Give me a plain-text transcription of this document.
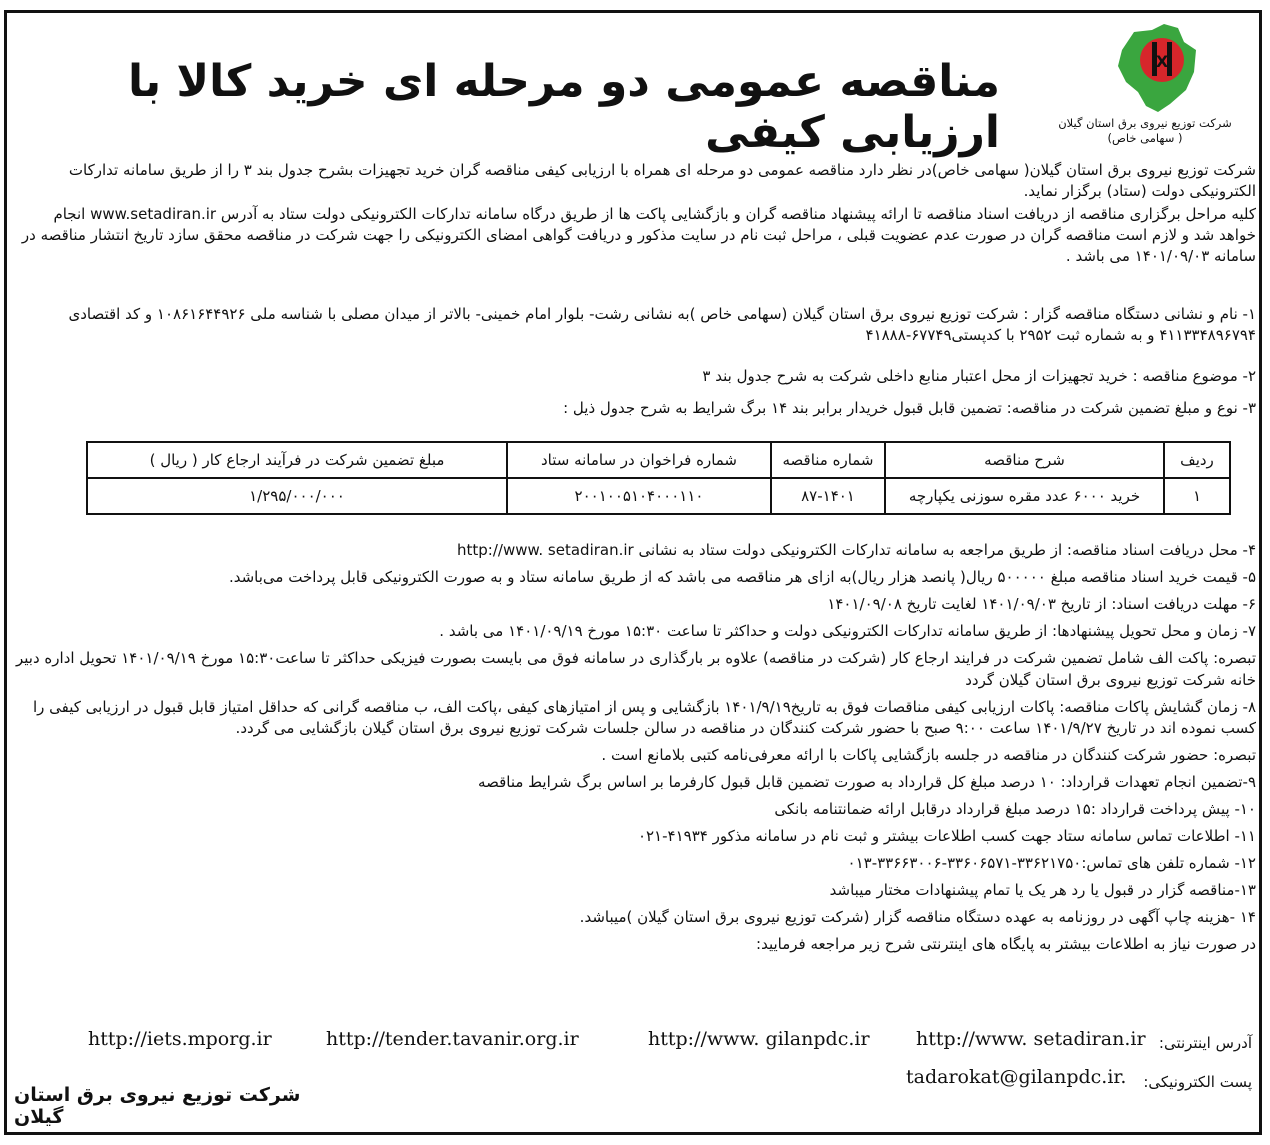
X
شرکت توزیع نیروی برق استان گیلان
( سهامی خاص)
مناقصه عمومی دو مرحله ای خرید کالا با ارزیابی کیفی
شرکت توزیع نیروی برق استان گیلان( سهامی خاص)در نظر دارد مناقصه عمومی دو مرحله ای همراه با ارزیابی کیفی مناقصه گران خرید تجهیزات بشرح جدول بند ۳ را از طریق سامانه تدارکات الکترونیکی دولت (ستاد) برگزار نماید.
کلیه مراحل برگزاری مناقصه از دریافت اسناد مناقصه تا ارائه پیشنهاد مناقصه گران و بازگشایی پاکت ها از طریق درگاه سامانه تدارکات الکترونیکی دولت ستاد به آدرس www.setadiran.ir انجام خواهد شد و لازم است مناقصه گران در صورت عدم عضویت قبلی ، مراحل ثبت نام در سایت مذکور و دریافت گواهی امضای الکترونیکی را جهت شرکت در مناقصه محقق سازد تاریخ انتشار مناقصه در سامانه ۱۴۰۱/۰۹/۰۳ می باشد .
۱- نام و نشانی دستگاه مناقصه گزار : شرکت توزیع نیروی برق استان گیلان (سهامی خاص )به نشانی رشت- بلوار امام خمینی- بالاتر از میدان مصلی با شناسه ملی ۱۰۸۶۱۶۴۴۹۲۶ و کد اقتصادی ۴۱۱۳۳۴۸۹۶۷۹۴ و به شماره ثبت ۲۹۵۲ با کدپستی۶۷۷۴۹-۴۱۸۸۸
۲- موضوع مناقصه : خرید تجهیزات از محل اعتبار منابع داخلی شرکت به شرح جدول بند ۳
۳- نوع و مبلغ تضمین شرکت در مناقصه: تضمین قابل قبول خریدار برابر بند ۱۴ برگ شرایط به شرح جدول ذیل :
ردیف	شرح مناقصه	شماره مناقصه	شماره فراخوان در سامانه ستاد	مبلغ تضمین شرکت در فرآیند ارجاع کار ( ریال )
۱	خرید ۶۰۰۰ عدد مقره سوزنی یکپارچه	۸۷-۱۴۰۱	۲۰۰۱۰۰۵۱۰۴۰۰۰۱۱۰	۱/۲۹۵/۰۰۰/۰۰۰
۴- محل دریافت اسناد مناقصه: از طریق مراجعه به سامانه تدارکات الکترونیکی دولت ستاد به نشانی http://www. setadiran.ir
۵- قیمت خرید اسناد مناقصه مبلغ ۵۰۰۰۰۰ ریال( پانصد هزار ریال)به ازای هر مناقصه می باشد که از طریق سامانه ستاد و به صورت الکترونیکی قابل پرداخت می‌باشد.
۶- مهلت دریافت اسناد: از تاریخ ۱۴۰۱/۰۹/۰۳ لغایت تاریخ ۱۴۰۱/۰۹/۰۸
۷- زمان و محل تحویل پیشنهادها: از طریق سامانه تدارکات الکترونیکی دولت و حداکثر تا ساعت ۱۵:۳۰ مورخ ۱۴۰۱/۰۹/۱۹ می باشد .
تبصره: پاکت الف شامل تضمین شرکت در فرایند ارجاع کار (شرکت در مناقصه) علاوه بر بارگذاری در سامانه فوق می بایست بصورت فیزیکی حداکثر تا ساعت۱۵:۳۰ مورخ ۱۴۰۱/۰۹/۱۹ تحویل اداره دبیر خانه شرکت توزیع نیروی برق استان گیلان گردد
۸- زمان گشایش پاکات مناقصه: پاکات ارزیابی کیفی مناقصات فوق به تاریخ۱۴۰۱/۹/۱۹ بازگشایی و پس از امتیازهای کیفی ،پاکت الف، ب مناقصه گرانی که حداقل امتیاز قابل قبول در ارزیابی کیفی را کسب نموده اند در تاریخ ۱۴۰۱/۹/۲۷ ساعت ۹:۰۰ صبح با حضور شرکت کنندگان در مناقصه در سالن جلسات شرکت توزیع نیروی برق استان گیلان بازگشایی می گردد.
تبصره: حضور شرکت کنندگان در مناقصه در جلسه بازگشایی پاکات با ارائه معرفی‌نامه کتبی بلامانع است .
۹-تضمین انجام تعهدات قرارداد: ۱۰ درصد مبلغ کل قرارداد به صورت تضمین قابل قبول کارفرما بر اساس برگ شرایط مناقصه
۱۰- پیش پرداخت قرارداد :۱۵ درصد مبلغ قرارداد درقابل ارائه ضمانتنامه بانکی
۱۱- اطلاعات تماس سامانه ستاد جهت کسب اطلاعات بیشتر و ثبت نام در سامانه مذکور ۴۱۹۳۴-۰۲۱
۱۲- شماره تلفن های تماس:۳۳۶۲۱۷۵۰-۳۳۶۰۶۵۷۱-۳۳۶۶۳۰۰۶-۰۱۳
۱۳-مناقصه گزار در قبول یا رد هر یک یا تمام پیشنهادات مختار میباشد
۱۴ -هزینه چاپ آگهی در روزنامه به عهده دستگاه مناقصه گزار (شرکت توزیع نیروی برق استان گیلان )میباشد.
در صورت نیاز به اطلاعات بیشتر به پایگاه های اینترنتی شرح زیر مراجعه فرمایید:
آدرس اینترنتی:
http://www. setadiran.ir
http://www. gilanpdc.ir
http://tender.tavanir.org.ir
http://iets.mporg.ir
پست الکترونیکی:
tadarokat@gilanpdc.ir.
شرکت توزیع نیروی برق استان گیلان
